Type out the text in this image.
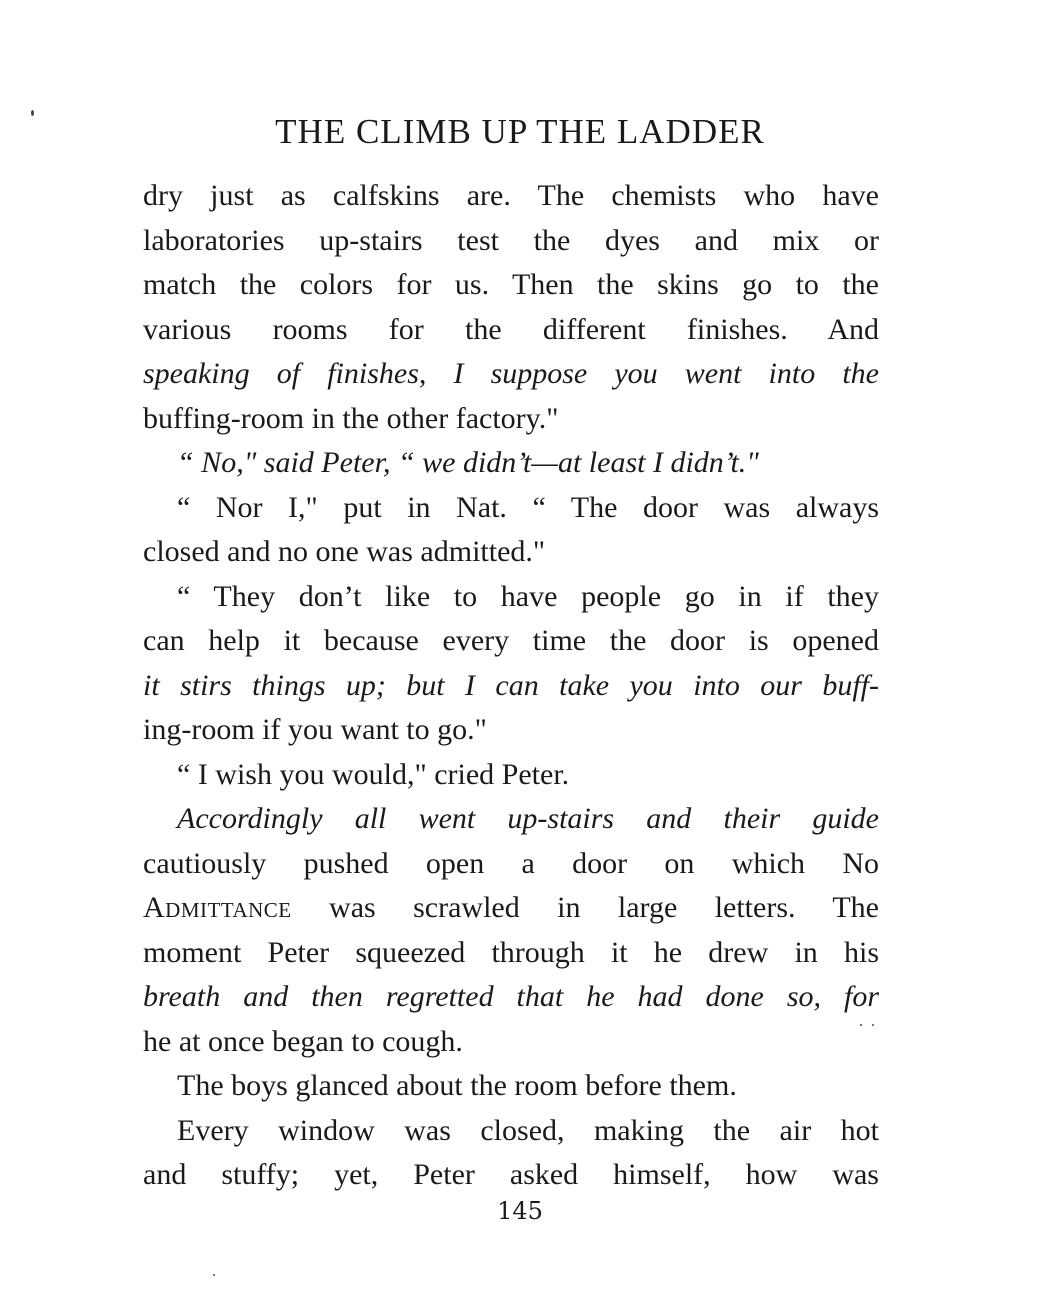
THE CLIMB UP THE LADDER
dry just as calfskins are. The chemists who have
laboratories up-stairs test the dyes and mix or
match the colors for us. Then the skins go to the
various rooms for the different finishes. And
speaking of finishes, I suppose you went into the
buffing-room in the other factory."
“ No," said Peter, “ we didn’t—at least I didn’t."
“ Nor I," put in Nat. “ The door was always
closed and no one was admitted."
“ They don’t like to have people go in if they
can help it because every time the door is opened
it stirs things up; but I can take you into our buff-
ing-room if you want to go."
“ I wish you would," cried Peter.
Accordingly all went up-stairs and their guide
cautiously pushed open a door on which No
Admittance was scrawled in large letters. The
moment Peter squeezed through it he drew in his
breath and then regretted that he had done so, for
he at once began to cough.
The boys glanced about the room before them.
Every window was closed, making the air hot
and stuffy; yet, Peter asked himself, how was
145
